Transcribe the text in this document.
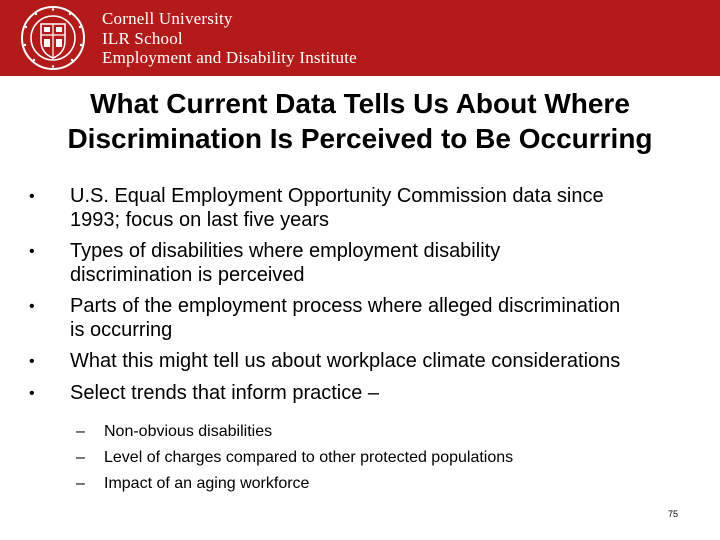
Cornell University
ILR School
Employment and Disability Institute
What Current Data Tells Us About Where
Discrimination Is Perceived to Be Occurring
• U.S. Equal Employment Opportunity Commission data since
1993; focus on last five years
• Types of disabilities where employment disability
discrimination is perceived
• Parts of the employment process where alleged discrimination
is occurring
• What this might tell us about workplace climate considerations
• Select trends that inform practice –
– Non-obvious disabilities
– Level of charges compared to other protected populations
– Impact of an aging workforce
75
